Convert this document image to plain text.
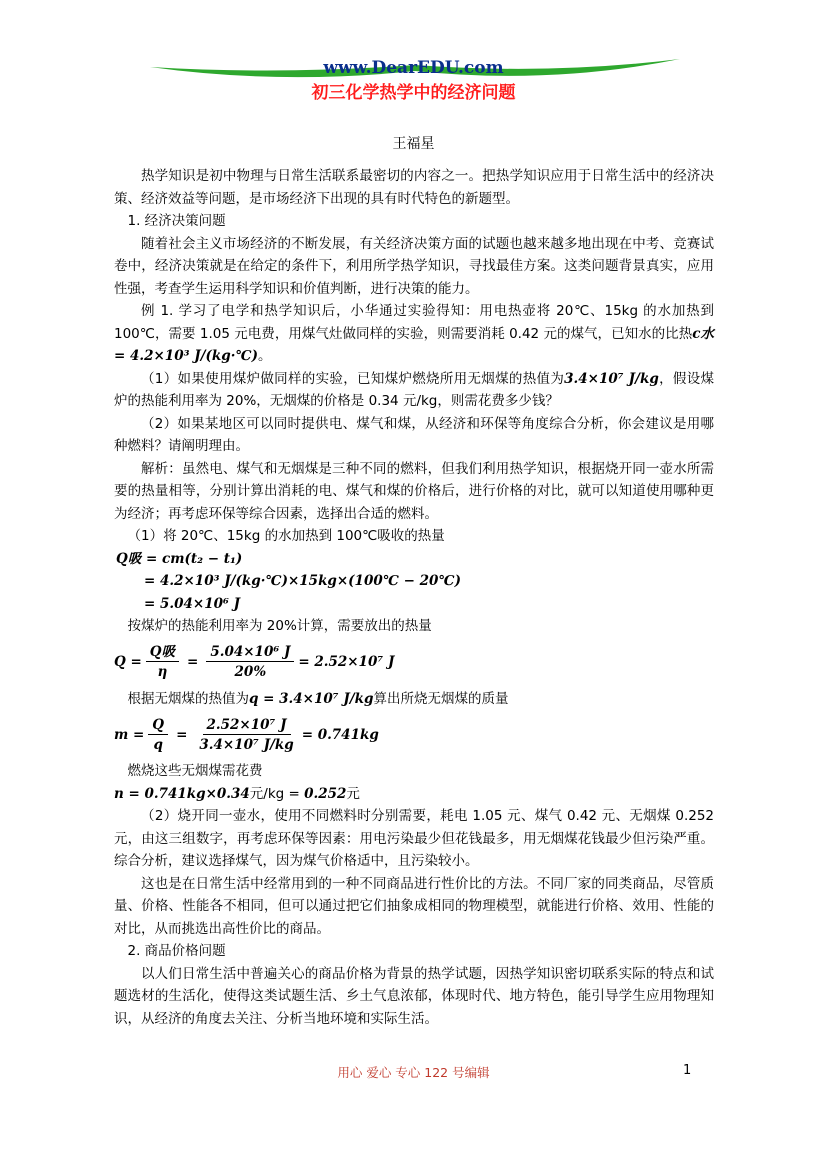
www.DearEDU.com
初三化学热学中的经济问题
王福星

热学知识是初中物理与日常生活联系最密切的内容之一。把热学知识应用于日常生活中的经济决策、经济效益等问题，是市场经济下出现的具有时代特色的新题型。

1. 经济决策问题

随着社会主义市场经济的不断发展，有关经济决策方面的试题也越来越多地出现在中考、竞赛试卷中，经济决策就是在给定的条件下，利用所学热学知识，寻找最佳方案。这类问题背景真实，应用性强，考查学生运用科学知识和价值判断，进行决策的能力。

例 1. 学习了电学和热学知识后，小华通过实验得知：用电热壶将 20℃、15kg 的水加热到 100℃，需要 1.05 元电费，用煤气灶做同样的实验，则需要消耗 0.42 元的煤气，已知水的比热c水 = 4.2×10³ J/(kg·℃)。

（1）如果使用煤炉做同样的实验，已知煤炉燃烧所用无烟煤的热值为3.4×10⁷ J/kg，假设煤炉的热能利用率为 20%，无烟煤的价格是 0.34 元/kg，则需花费多少钱？

（2）如果某地区可以同时提供电、煤气和煤，从经济和环保等角度综合分析，你会建议是用哪种燃料？请阐明理由。

解析：虽然电、煤气和无烟煤是三种不同的燃料，但我们利用热学知识，根据烧开同一壶水所需要的热量相等，分别计算出消耗的电、煤气和煤的价格后，进行价格的对比，就可以知道使用哪种更为经济；再考虑环保等综合因素，选择出合适的燃料。

（1）将 20℃、15kg 的水加热到 100℃吸收的热量

Q吸 = cm(t₂ − t₁)

= 4.2×10³ J/(kg·℃)×15kg×(100℃ − 20℃)

= 5.04×10⁶ J

按煤炉的热能利用率为 20%计算，需要放出的热量

$Q = \frac{\text{Q吸}}{\eta} = \frac{\text{5.04×10⁶ J}}{20\%} = 2.52\times 10^7$ J

根据无烟煤的热值为q = 3.4×10⁷ J/kg算出所烧无烟煤的质量

$m = \frac{Q}{q} = \frac{\text{2.52×10⁷ J}}{\text{3.4×10⁷ J/kg}} = 0.741kg$

燃烧这些无烟煤需花费

n = 0.741kg×0.34元/kg = 0.252元

（2）烧开同一壶水，使用不同燃料时分别需要，耗电 1.05 元、煤气 0.42 元、无烟煤 0.252 元，由这三组数字，再考虑环保等因素：用电污染最少但花钱最多，用无烟煤花钱最少但污染严重。综合分析，建议选择煤气，因为煤气价格适中，且污染较小。

这也是在日常生活中经常用到的一种不同商品进行性价比的方法。不同厂家的同类商品，尽管质量、价格、性能各不相同，但可以通过把它们抽象成相同的物理模型，就能进行价格、效用、性能的对比，从而挑选出高性价比的商品。

2. 商品价格问题

以人们日常生活中普遍关心的商品价格为背景的热学试题，因热学知识密切联系实际的特点和试题选材的生活化，使得这类试题生活、乡土气息浓郁，体现时代、地方特色，能引导学生应用物理知识，从经济的角度去关注、分析当地环境和实际生活。

用心 爱心 专心 122 号编辑	1
